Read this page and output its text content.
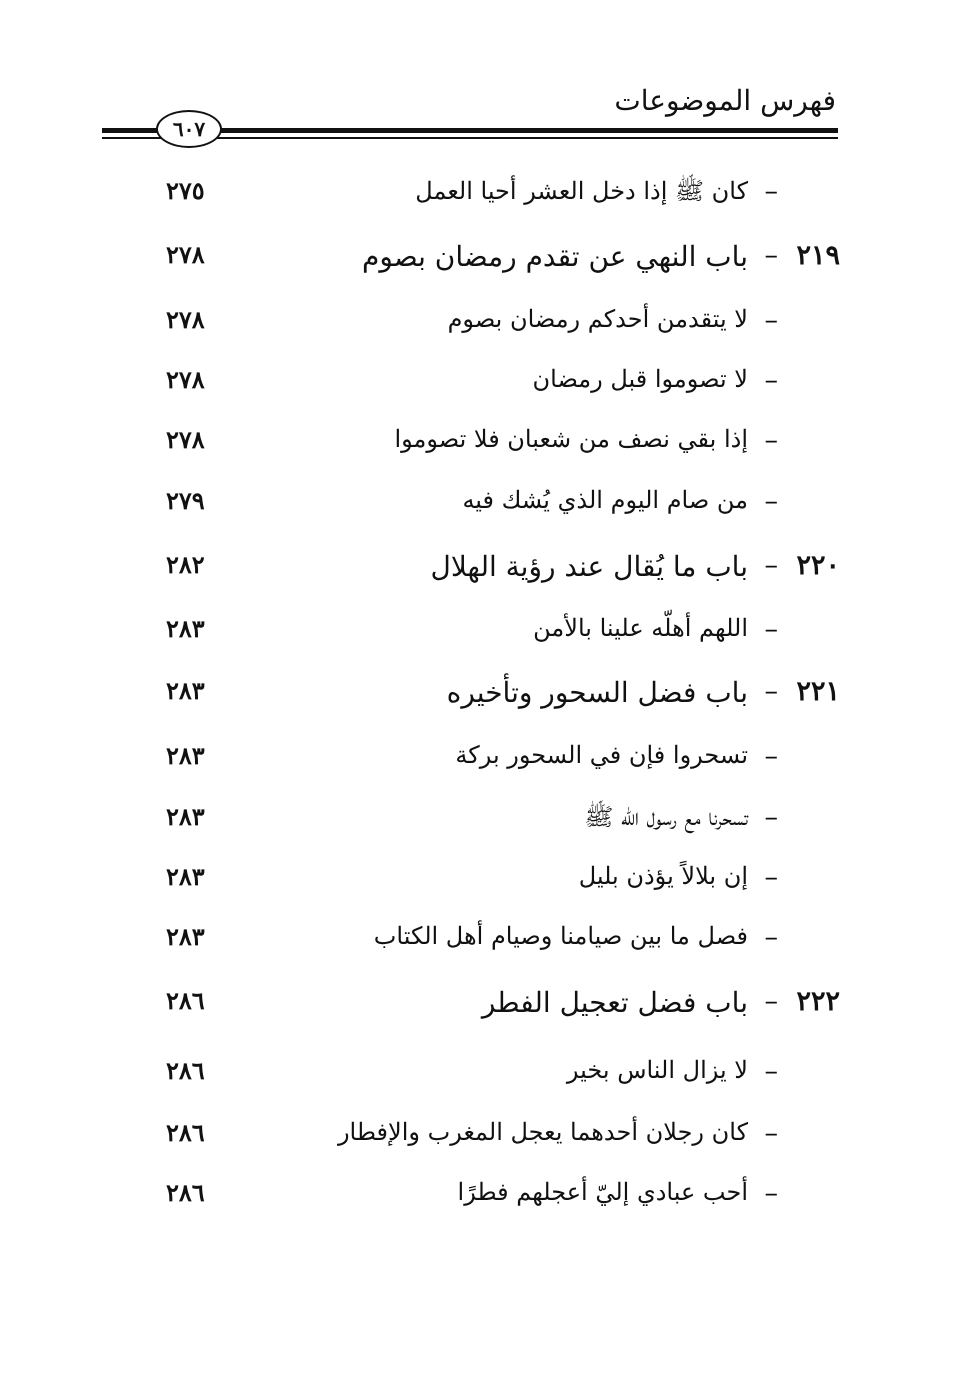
فهرس الموضوعات
٦٠٧
–
كان ﷺ إذا دخل العشر أحيا العمل
٢٧٥
٢١٩
–
باب النهي عن تقدم رمضان بصوم
٢٧٨
–
لا يتقدمن أحدكم رمضان بصوم
٢٧٨
–
لا تصوموا قبل رمضان
٢٧٨
–
إذا بقي نصف من شعبان فلا تصوموا
٢٧٨
–
من صام اليوم الذي يُشك فيه
٢٧٩
٢٢٠
–
باب ما يُقال عند رؤية الهلال
٢٨٢
–
اللهم أهلّه علينا بالأمن
٢٨٣
٢٢١
–
باب فضل السحور وتأخيره
٢٨٣
–
تسحروا فإن في السحور بركة
٢٨٣
–
تسحرنا مع رسول الله ﷺ
٢٨٣
–
إن بلالاً يؤذن بليل
٢٨٣
–
فصل ما بين صيامنا وصيام أهل الكتاب
٢٨٣
٢٢٢
–
باب فضل تعجيل الفطر
٢٨٦
–
لا يزال الناس بخير
٢٨٦
–
كان رجلان أحدهما يعجل المغرب والإفطار
٢٨٦
–
أحب عبادي إليّ أعجلهم فطرًا
٢٨٦
